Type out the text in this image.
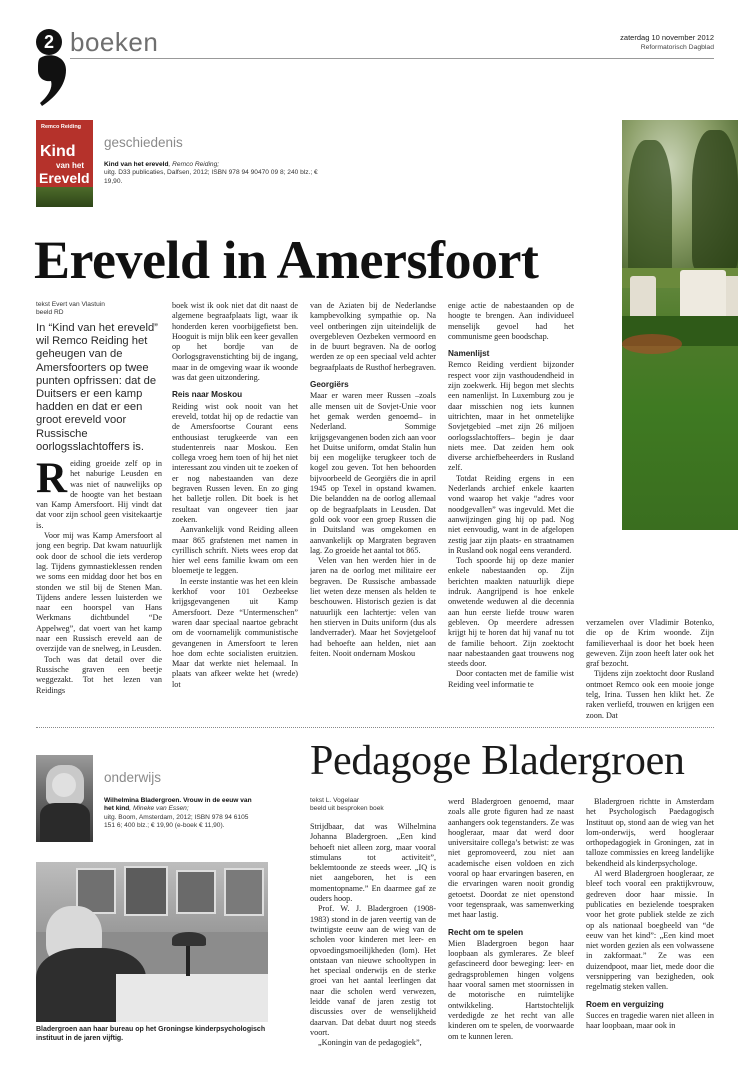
2 boeken	zaterdag 10 november 2012
Reformatorisch Dagblad
Remco Reiding
Kind
van het
Ereveld
geschiedenis
Kind van het ereveld, Remco Reiding;
uitg. D33 publicaties, Dalfsen, 2012; ISBN 978 94 90470 09 8; 240 blz.; € 19,90.
Ereveld in Amersfoort
tekst Evert van Vlastuin
beeld RD
In “Kind van het ereveld” wil Remco Reiding het geheugen van de Amersfoorters op twee punten opfrissen: dat de Duitsers er een kamp hadden en dat er een groot ereveld voor Russische oorlogsslachtoffers is.
R eiding groeide zelf op in het naburige Leusden en was niet of nauwelijks op de hoogte van het bestaan van Kamp Amersfoort. Hij vindt dat dat voor zijn school geen visitekaartje is.

Voor mij was Kamp Amersfoort al jong een begrip. Dat kwam natuurlijk ook door de school die iets verderop lag. Tijdens gymnastieklessen renden we soms een middag door het bos en stonden we stil bij de Stenen Man. Tijdens andere lessen luisterden we naar een hoorspel van Hans Werkmans dichtbundel “De Appelweg”, dat voert van het kamp naar een Russisch ereveld aan de overzijde van de snelweg, in Leusden.

Toch was dat detail over die Russische graven een beetje weggezakt. Tot het lezen van Reidings

boek wist ik ook niet dat dit naast de algemene begraafplaats ligt, waar ik honderden keren voorbijgefietst ben. Hooguit is mijn blik een keer gevallen op het bordje van de Oorlogsgravenstichting bij de ingang, maar in de omgeving waar ik woonde was dat geen uitzondering.

Reis naar Moskou

Reiding wist ook nooit van het ereveld, totdat hij op de redactie van de Amersfoortse Courant eens enthousiast terugkeerde van een studentenreis naar Moskou. Een collega vroeg hem toen of hij het niet interessant zou vinden uit te zoeken of er nog nabestaanden van deze begraven Russen leven. En zo ging het balletje rollen. Dit boek is het resultaat van ongeveer tien jaar zoeken.

Aanvankelijk vond Reiding alleen maar 865 grafstenen met namen in cyrillisch schrift. Niets wees erop dat hier wel eens familie kwam om een bloemetje te leggen.

In eerste instantie was het een klein kerkhof voor 101 Oezbeekse krijgsgevangenen uit Kamp Amersfoort. Deze “Untermenschen” waren daar speciaal naartoe gebracht om de voornamelijk communistische gevangenen in Amersfoort te leren hoe dom echte socialisten eruitzien. Maar dat werkte niet helemaal. In plaats van afkeer wekte het (wrede) lot

van de Aziaten bij de Nederlandse kampbevolking sympathie op. Na veel ontberingen zijn uiteindelijk de overgebleven Oezbeken vermoord en in de buurt begraven. Na de oorlog werden ze op een speciaal veld achter begraafplaats de Rusthof herbegraven.

Georgiërs

Maar er waren meer Russen –zoals alle mensen uit de Sovjet-Unie voor het gemak werden genoemd– in Nederland. Sommige krijgsgevangenen boden zich aan voor het Duitse uniform, omdat Stalin hun bij een mogelijke terugkeer toch de kogel zou geven. Tot hen behoorden bijvoorbeeld de Georgiërs die in april 1945 op Texel in opstand kwamen. Die belandden na de oorlog allemaal op de begraafplaats in Leusden. Dat gold ook voor een groep Russen die in Duitsland was omgekomen en aanvankelijk op Margraten begraven lag. Zo groeide het aantal tot 865.

Velen van hen werden hier in de jaren na de oorlog met militaire eer begraven. De Russische ambassade liet weten deze mensen als helden te beschouwen. Historisch gezien is dat natuurlijk een lachtertje: velen van hen stierven in Duits uniform (dus als landverrader). Maar het Sovjetgeloof had behoefte aan helden, niet aan feiten. Nooit ondernam Moskou

enige actie de nabestaanden op de hoogte te brengen. Aan individueel menselijk gevoel had het communisme geen boodschap.

Namenlijst

Remco Reiding verdient bijzonder respect voor zijn vasthoudendheid in zijn zoekwerk. Hij begon met slechts een namenlijst. In Luxemburg zou je daar misschien nog iets kunnen uitrichten, maar in het onmetelijke Sovjetgebied –met zijn 26 miljoen oorlogsslachtoffers– begin je daar niets mee. Dat zeiden hem ook diverse archiefbeheerders in Rusland zelf.

Totdat Reiding ergens in een Nederlands archief enkele kaarten vond waarop het vakje “adres voor noodgevallen” was ingevuld. Met die aanwijzingen ging hij op pad. Nog niet eenvoudig, want in de afgelopen zestig jaar zijn plaats- en straatnamen in Rusland ook nogal eens veranderd.

Toch spoorde hij op deze manier enkele nabestaanden op. Zijn berichten maakten natuurlijk diepe indruk. Aangrijpend is hoe enkele onwetende weduwen al die decennia aan hun eerste liefde trouw waren gebleven. Op meerdere adressen krijgt hij te horen dat hij vanaf nu tot de familie behoort. Zijn zoektocht naar nabestaanden gaat trouwens nog steeds door.

Door contacten met de familie wist Reiding veel informatie te

verzamelen over Vladimir Botenko, die op de Krim woonde. Zijn familieverhaal is door het boek heen geweven. Zijn zoon heeft later ook het graf bezocht.

Tijdens zijn zoektocht door Rusland ontmoet Remco ook een mooie jonge telg, Irina. Tussen hen klikt het. Ze raken verliefd, trouwen en krijgen een zoon. Dat

onderwijs
Wilhelmina Bladergroen. Vrouw in de eeuw van het kind, Mineke van Essen;
uitg. Boom, Amsterdam, 2012; ISBN 978 94 6105 151 6; 400 blz.; € 19,90 (e-boek € 11,90).
Bladergroen aan haar bureau op het Groningse kinderpsychologisch instituut in de jaren vijftig.
Pedagoge Bladergroen
tekst L. Vogelaar
beeld uit besproken boek

Strijdbaar, dat was Wilhelmina Johanna Bladergroen. „Een kind behoeft niet alleen zorg, maar vooral stimulans tot activiteit”, beklemtoonde ze steeds weer. „IQ is niet aangeboren, het is een momentopname.” En daarmee gaf ze ouders hoop.

Prof. W. J. Bladergroen (1908-1983) stond in de jaren veertig van de twintigste eeuw aan de wieg van de scholen voor kinderen met leer- en opvoedingsmoeilijkheden (lom). Het ontstaan van nieuwe schooltypen in het speciaal onderwijs en de sterke groei van het aantal leerlingen dat naar die scholen werd verwezen, leidde vanaf de jaren zestig tot discussies over de wenselijkheid daarvan. Dat debat duurt nog steeds voort.

„Koningin van de pedagogiek”,

werd Bladergroen genoemd, maar zoals alle grote figuren had ze naast aanhangers ook tegenstanders. Ze was hoogleraar, maar dat werd door universitaire collega’s betwist: ze was niet gepromoveerd, zou niet aan academische eisen voldoen en zich vooral op haar ervaringen baseren, en die ervaringen waren nooit grondig getoetst. Doordat ze niet openstond voor tegenspraak, was samenwerking met haar lastig.

Recht om te spelen

Mien Bladergroen begon haar loopbaan als gymlerares. Ze bleef gefascineerd door beweging: leer- en gedragsproblemen hingen volgens haar vooral samen met stoornissen in de motorische en ruimtelijke ontwikkeling. Hartstochtelijk verdedigde ze het recht van alle kinderen om te spelen, de voorwaarde om te kunnen leren.

Bladergroen richtte in Amsterdam het Psychologisch Paedagogisch Instituut op, stond aan de wieg van het lom-onderwijs, werd hoogleraar orthopedagogiek in Groningen, zat in talloze commissies en kreeg landelijke bekendheid als kinderpsychologe.

Al werd Bladergroen hoogleraar, ze bleef toch vooral een praktijkvrouw, gedreven door haar missie. In publicaties en bezielende toespraken voor het grote publiek stelde ze zich op als nationaal boegbeeld van “de eeuw van het kind”: „Een kind moet niet worden gezien als een volwassene in zakformaat.” Ze was een duizendpoot, maar liet, mede door die versnippering van bezigheden, ook regelmatig steken vallen.

Roem en verguizing

Succes en tragedie waren niet alleen in haar loopbaan, maar ook in
